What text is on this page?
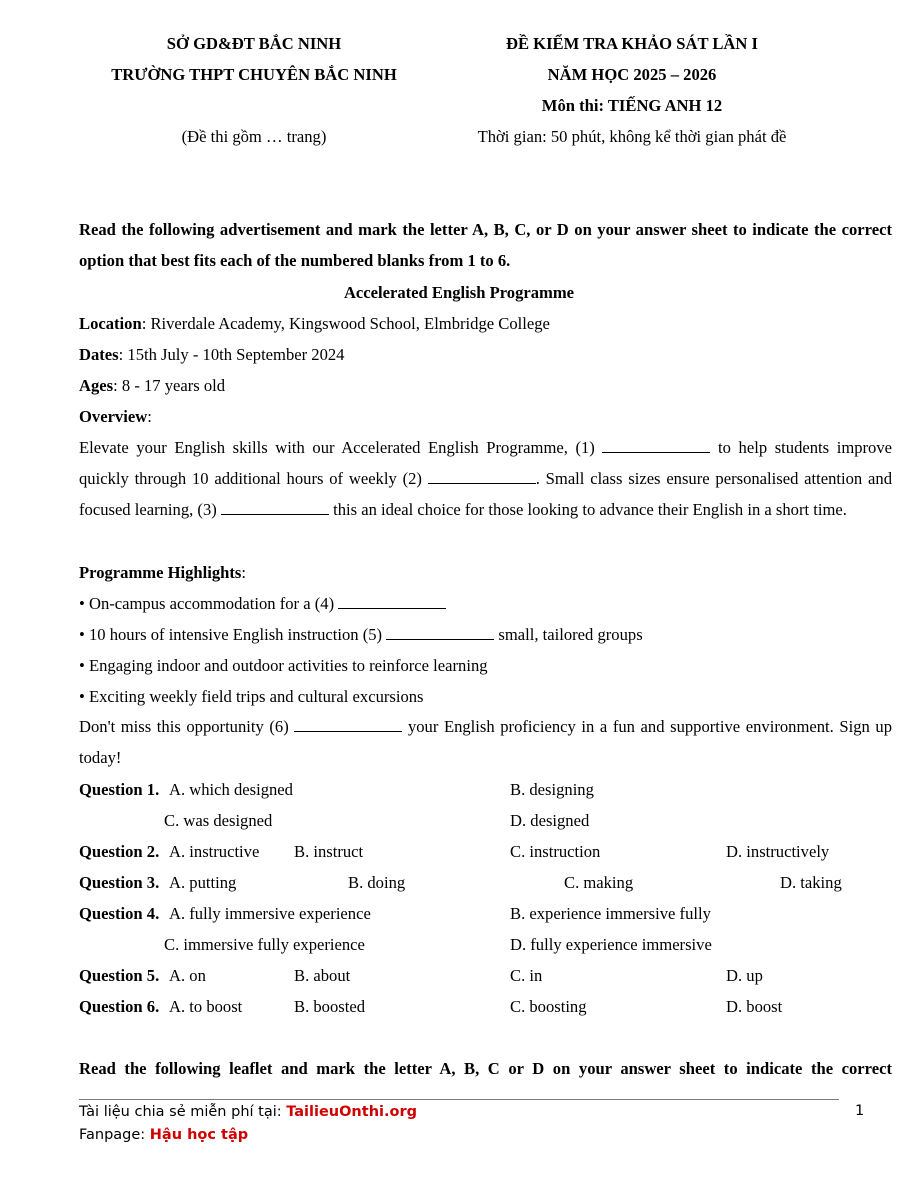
SỞ GD&ĐT BẮC NINH
TRƯỜNG THPT CHUYÊN BẮC NINH
(Đề thi gồm … trang)
ĐỀ KIỂM TRA KHẢO SÁT LẦN I
NĂM HỌC 2025 – 2026
Môn thi: TIẾNG ANH 12
Thời gian: 50 phút, không kể thời gian phát đề
Read the following advertisement and mark the letter A, B, C, or D on your answer sheet to indicate the correct option that best fits each of the numbered blanks from 1 to 6.
Accelerated English Programme
Location: Riverdale Academy, Kingswood School, Elmbridge College
Dates: 15th July - 10th September 2024
Ages: 8 - 17 years old
Overview:
Elevate your English skills with our Accelerated English Programme, (1)	to help students improve quickly through 10 additional hours of weekly (2)	. Small class sizes ensure personalised attention and focused learning, (3)	this an ideal choice for those looking to advance their English in a short time.
Programme Highlights:
• On-campus accommodation for a (4)
• 10 hours of intensive English instruction (5)	small, tailored groups
• Engaging indoor and outdoor activities to reinforce learning
• Exciting weekly field trips and cultural excursions
Don't miss this opportunity (6)	your English proficiency in a fun and supportive environment. Sign up today!
Question 1. A. which designed	B. designing
C. was designed	D. designed
Question 2. A. instructive B. instruct	C. instruction	D. instructively
Question 3. A. putting	B. doing	C. making	D. taking
Question 4. A. fully immersive experience	B. experience immersive fully
C. immersive fully experience	D. fully experience immersive
Question 5. A. on	B. about	C. in	D. up
Question 6. A. to boost	B. boosted	C. boosting	D. boost
Read the following leaflet and mark the letter A, B, C or D on your answer sheet to indicate the correct
Tài liệu chia sẻ miễn phí tại: TailieuOnthi.org
Fanpage: Hậu học tập
1
